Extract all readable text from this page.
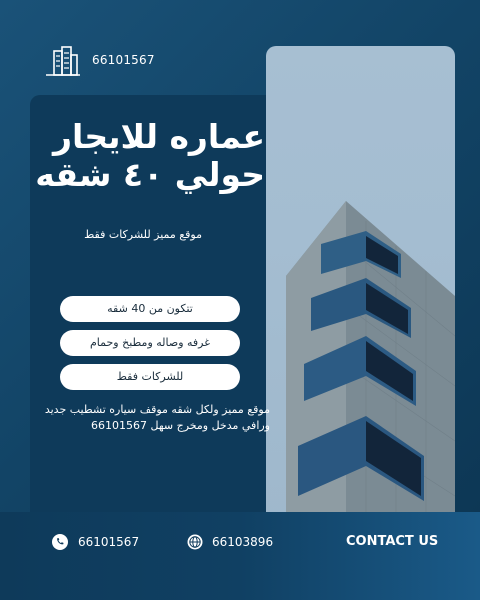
66101567
عماره للايجار
حولي ٤٠ شقه
موقع مميز للشركات فقط
تتكون من 40 شقه
غرفه وصاله ومطبخ وحمام
للشركات فقط
موقع مميز ولكل شقه موقف سياره تشطيب جديد
ورافي مدخل ومخرج سهل 66101567
66101567	66103896	CONTACT US
